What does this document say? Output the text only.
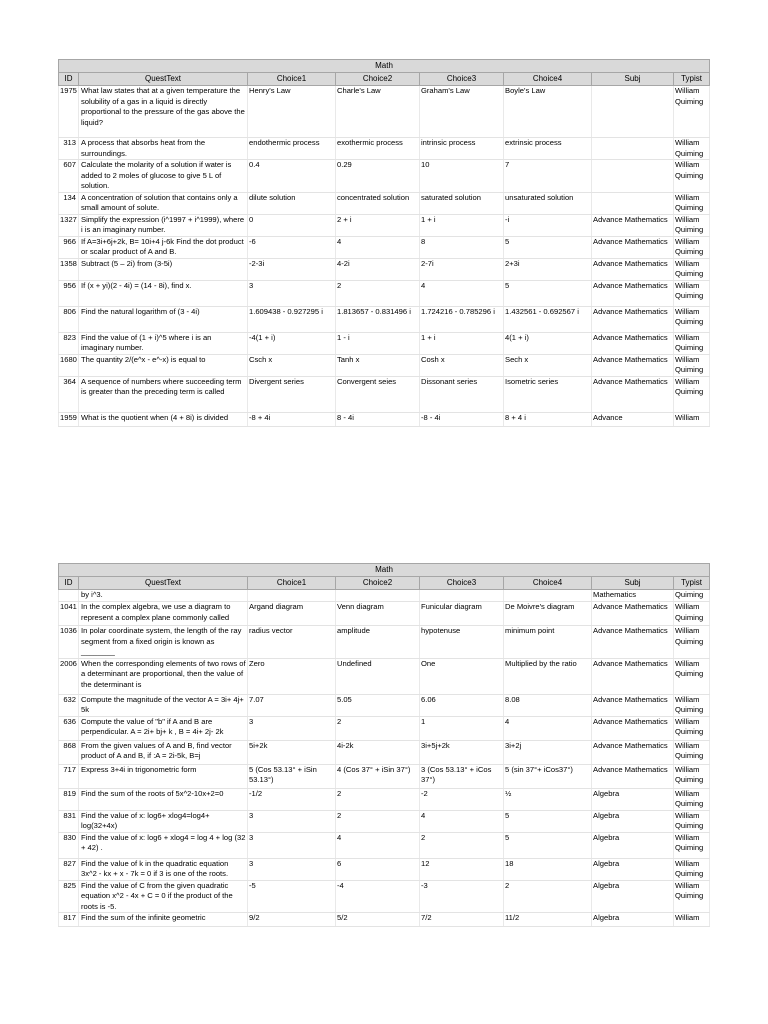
Math							
ID	QuestText	Choice1	Choice2	Choice3	Choice4	Subj	Typist
1975	What law states that at a given temperature the solubility of a gas in a liquid is directly proportional to the pressure of the gas above the liquid?	Henry's Law	Charle's Law	Graham's Law	Boyle's Law		William Quiming
313	A process that absorbs heat from the surroundings.	endothermic process	exothermic process	intrinsic process	extrinsic process		William Quiming
607	Calculate the molarity of a solution if water is added to 2 moles of glucose to give 5 L of solution.	0.4	0.29	10	7		William Quiming
134	A concentration of solution that contains only a small amount of solute.	dilute solution	concentrated solution	saturated solution	unsaturated solution		William Quiming
1327	Simplify the expression (i^1997 + i^1999), where i is an imaginary number.	0	2 + i	1 + i	-i	Advance Mathematics	William Quiming
966	If A=3i+6j+2k, B= 10i+4 j-6k Find the dot product or scalar product of A and B.	-6	4	8	5	Advance Mathematics	William Quiming
1358	Subtract (5 – 2i) from (3-5i)	-2-3i	4-2i	2-7i	2+3i	Advance Mathematics	William Quiming
956	If (x + yi)(2 - 4i) = (14 - 8i), find x.	3	2	4	5	Advance Mathematics	William Quiming
806	Find the natural logarithm of (3 - 4i)	1.609438 - 0.927295 i	1.813657 - 0.831496 i	1.724216 - 0.785296 i	1.432561 - 0.692567 i	Advance Mathematics	William Quiming
823	Find the value of (1 + i)^5 where i is an imaginary number.	-4(1 + i)	1 - i	1 + i	4(1 + i)	Advance Mathematics	William Quiming
1680	The quantity 2/(e^x - e^-x) is equal to	Csch x	Tanh x	Cosh x	Sech x	Advance Mathematics	William Quiming
364	A sequence of numbers where succeeding term is greater than the preceding term is called	Divergent series	Convergent seies	Dissonant series	Isometric series	Advance Mathematics	William Quiming
1959	What is the quotient when (4 + 8i) is divided	-8 + 4i	8 - 4i	-8 - 4i	8 + 4 i	Advance	William
Math							
ID	QuestText	Choice1	Choice2	Choice3	Choice4	Subj	Typist
	by i^3.					Mathematics	Quiming
1041	In the complex algebra, we use a diagram to represent a complex plane commonly called	Argand diagram	Venn diagram	Funicular diagram	De Moivre's diagram	Advance Mathematics	William Quiming
1036	In polar coordinate system, the length of the ray segment from a fixed origin is known as ________	radius vector	amplitude	hypotenuse	minimum point	Advance Mathematics	William Quiming
2006	When the corresponding elements of two rows of a determinant are proportional, then the value of the determinant is	Zero	Undefined	One	Multiplied by the ratio	Advance Mathematics	William Quiming
632	Compute the magnitude of the vector A = 3i+ 4j+ 5k	7.07	5.05	6.06	8.08	Advance Mathematics	William Quiming
636	Compute the value of "b" if A and B are perpendicular. A = 2i+ bj+ k , B = 4i+ 2j- 2k	3	2	1	4	Advance Mathematics	William Quiming
868	From the given values of A and B, find vector product of A and B, if :A = 2i-5k, B=j	5i+2k	4i-2k	3i+5j+2k	3i+2j	Advance Mathematics	William Quiming
717	Express 3+4i in trigonometric form	5 (Cos 53.13° + iSin 53.13°)	4 (Cos 37° + iSin 37°)	3 (Cos 53.13° + iCos 37°)	5 (sin 37°+ iCos37°)	Advance Mathematics	William Quiming
819	Find the sum of the roots of 5x^2-10x+2=0	-1/2	2	-2	½	Algebra	William Quiming
831	Find the value of x: log6+ xlog4=log4+ log(32+4x)	3	2	4	5	Algebra	William Quiming
830	Find the value of x: log6 + xlog4 = log 4 + log (32 + 42) .	3	4	2	5	Algebra	William Quiming
827	Find the value of k in the quadratic equation 3x^2 - kx + x - 7k = 0 if 3 is one of the roots.	3	6	12	18	Algebra	William Quiming
825	Find the value of C from the given quadratic equation x^2 - 4x + C = 0 if the product of the roots is -5.	-5	-4	-3	2	Algebra	William Quiming
817	Find the sum of the infinite geometric	9/2	5/2	7/2	11/2	Algebra	William
